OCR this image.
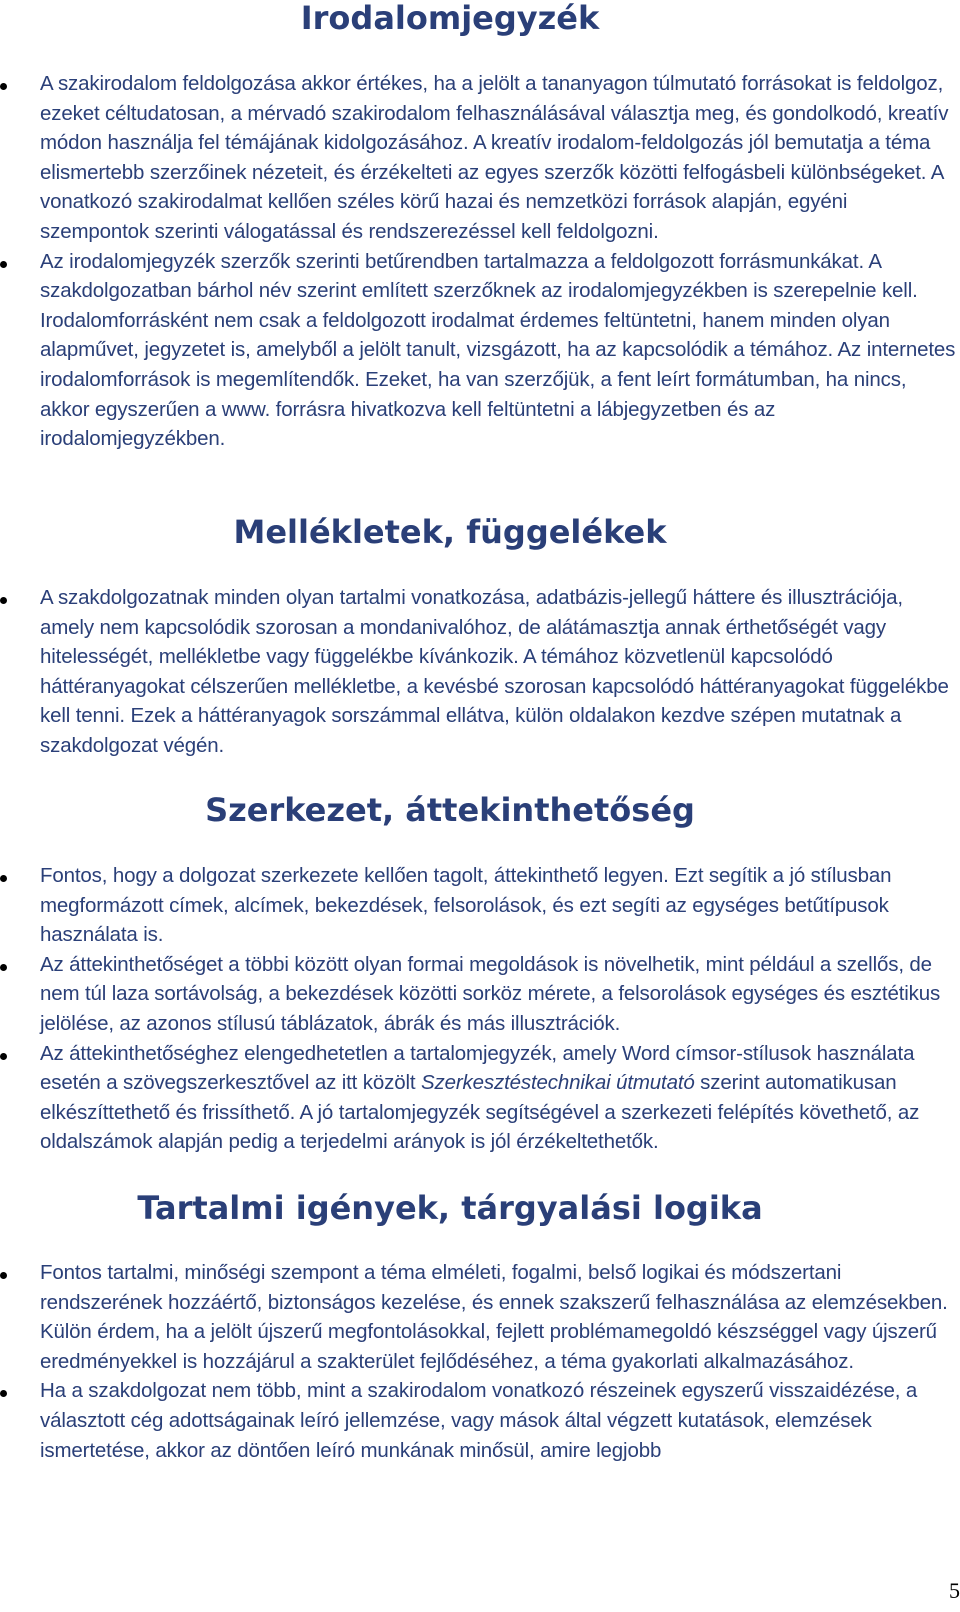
Irodalomjegyzék
A szakirodalom feldolgozása akkor értékes, ha a jelölt a tananyagon túlmutató forrásokat is feldolgoz, ezeket céltudatosan, a mérvadó szakirodalom felhasználásával választja meg, és gondolkodó, kreatív módon használja fel témájának kidolgozásához. A kreatív irodalom-feldolgozás jól bemutatja a téma elismertebb szerzőinek nézeteit, és érzékelteti az egyes szerzők közötti felfogásbeli különbségeket. A vonatkozó szakirodalmat kellően széles körű hazai és nemzetközi források alapján, egyéni szempontok szerinti válogatással és rendszerezéssel kell feldolgozni.
Az irodalomjegyzék szerzők szerinti betűrendben tartalmazza a feldolgozott forrásmunkákat. A szakdolgozatban bárhol név szerint említett szerzőknek az irodalomjegyzékben is szerepelnie kell. Irodalomforrásként nem csak a feldolgozott irodalmat érdemes feltüntetni, hanem minden olyan alapművet, jegyzetet is, amelyből a jelölt tanult, vizsgázott, ha az kapcsolódik a témához. Az internetes irodalomforrások is megemlítendők. Ezeket, ha van szerzőjük, a fent leírt formátumban, ha nincs, akkor egyszerűen a www. forrásra hivatkozva kell feltüntetni a lábjegyzetben és az irodalomjegyzékben.
Mellékletek, függelékek
A szakdolgozatnak minden olyan tartalmi vonatkozása, adatbázis-jellegű háttere és illusztrációja, amely nem kapcsolódik szorosan a mondanivalóhoz, de alátámasztja annak érthetőségét vagy hitelességét, mellékletbe vagy függelékbe kívánkozik. A témához közvetlenül kapcsolódó háttéranyagokat célszerűen mellékletbe, a kevésbé szorosan kapcsolódó háttéranyagokat függelékbe kell tenni. Ezek a háttéranyagok sorszámmal ellátva, külön oldalakon kezdve szépen mutatnak a szakdolgozat végén.
Szerkezet, áttekinthetőség
Fontos, hogy a dolgozat szerkezete kellően tagolt, áttekinthető legyen. Ezt segítik a jó stílusban megformázott címek, alcímek, bekezdések, felsorolások, és ezt segíti az egységes betűtípusok használata is.
Az áttekinthetőséget a többi között olyan formai megoldások is növelhetik, mint például a szellős, de nem túl laza sortávolság, a bekezdések közötti sorköz mérete, a felsorolások egységes és esztétikus jelölése, az azonos stílusú táblázatok, ábrák és más illusztrációk.
Az áttekinthetőséghez elengedhetetlen a tartalomjegyzék, amely Word címsor-stílusok használata esetén a szövegszerkesztővel az itt közölt Szerkesztéstechnikai útmutató szerint automatikusan elkészíttethető és frissíthető. A jó tartalomjegyzék segítségével a szerkezeti felépítés követhető, az oldalszámok alapján pedig a terjedelmi arányok is jól érzékeltethetők.
Tartalmi igények, tárgyalási logika
Fontos tartalmi, minőségi szempont a téma elméleti, fogalmi, belső logikai és módszertani rendszerének hozzáértő, biztonságos kezelése, és ennek szakszerű felhasználása az elemzésekben. Külön érdem, ha a jelölt újszerű megfontolásokkal, fejlett problémamegoldó készséggel vagy újszerű eredményekkel is hozzájárul a szakterület fejlődéséhez, a téma gyakorlati alkalmazásához.
Ha a szakdolgozat nem több, mint a szakirodalom vonatkozó részeinek egyszerű visszaidézése, a választott cég adottságainak leíró jellemzése, vagy mások által végzett kutatások, elemzések ismertetése, akkor az döntően leíró munkának minősül, amire legjobb
5
